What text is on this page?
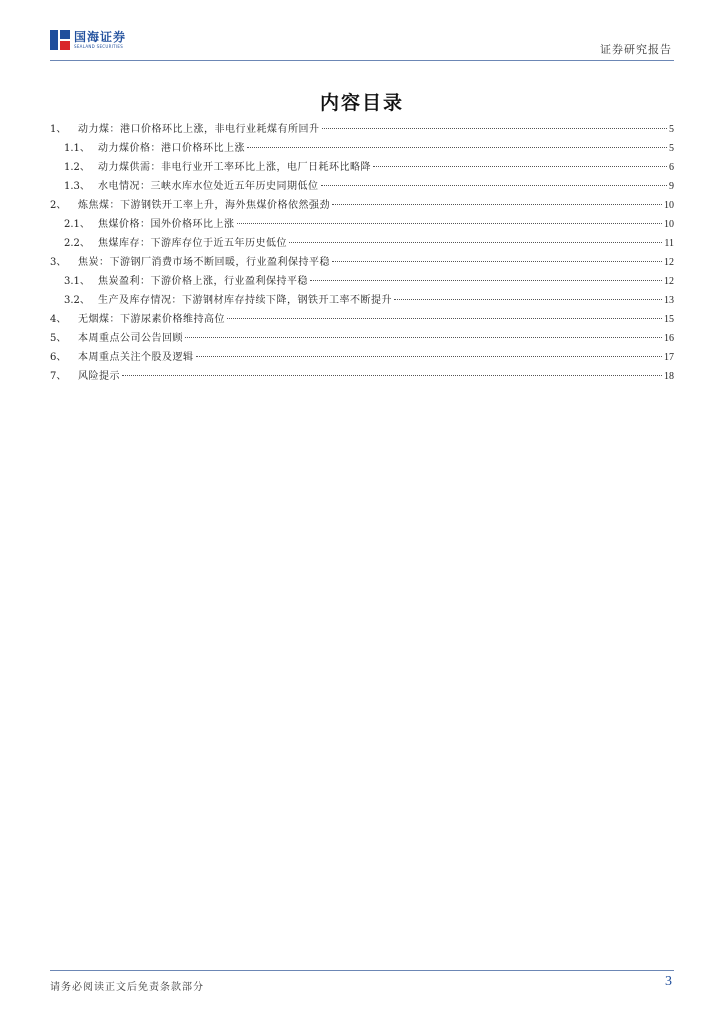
国海证券
SEALAND SECURITIES	证券研究报告
内容目录
1、	动力煤：港口价格环比上涨，非电行业耗煤有所回升	5
1.1、 动力煤价格：港口价格环比上涨	5
1.2、 动力煤供需：非电行业开工率环比上涨，电厂日耗环比略降	6
1.3、 水电情况：三峡水库水位处近五年历史同期低位	9
2、	炼焦煤：下游钢铁开工率上升，海外焦煤价格依然强劲	10
2.1、 焦煤价格：国外价格环比上涨	10
2.2、 焦煤库存：下游库存位于近五年历史低位	11
3、	焦炭：下游钢厂消费市场不断回暖，行业盈利保持平稳	12
3.1、 焦炭盈利：下游价格上涨，行业盈利保持平稳	12
3.2、 生产及库存情况：下游钢材库存持续下降，钢铁开工率不断提升	13
4、	无烟煤：下游尿素价格维持高位	15
5、	本周重点公司公告回顾	16
6、	本周重点关注个股及逻辑	17
7、	风险提示	18
请务必阅读正文后免责条款部分	3
